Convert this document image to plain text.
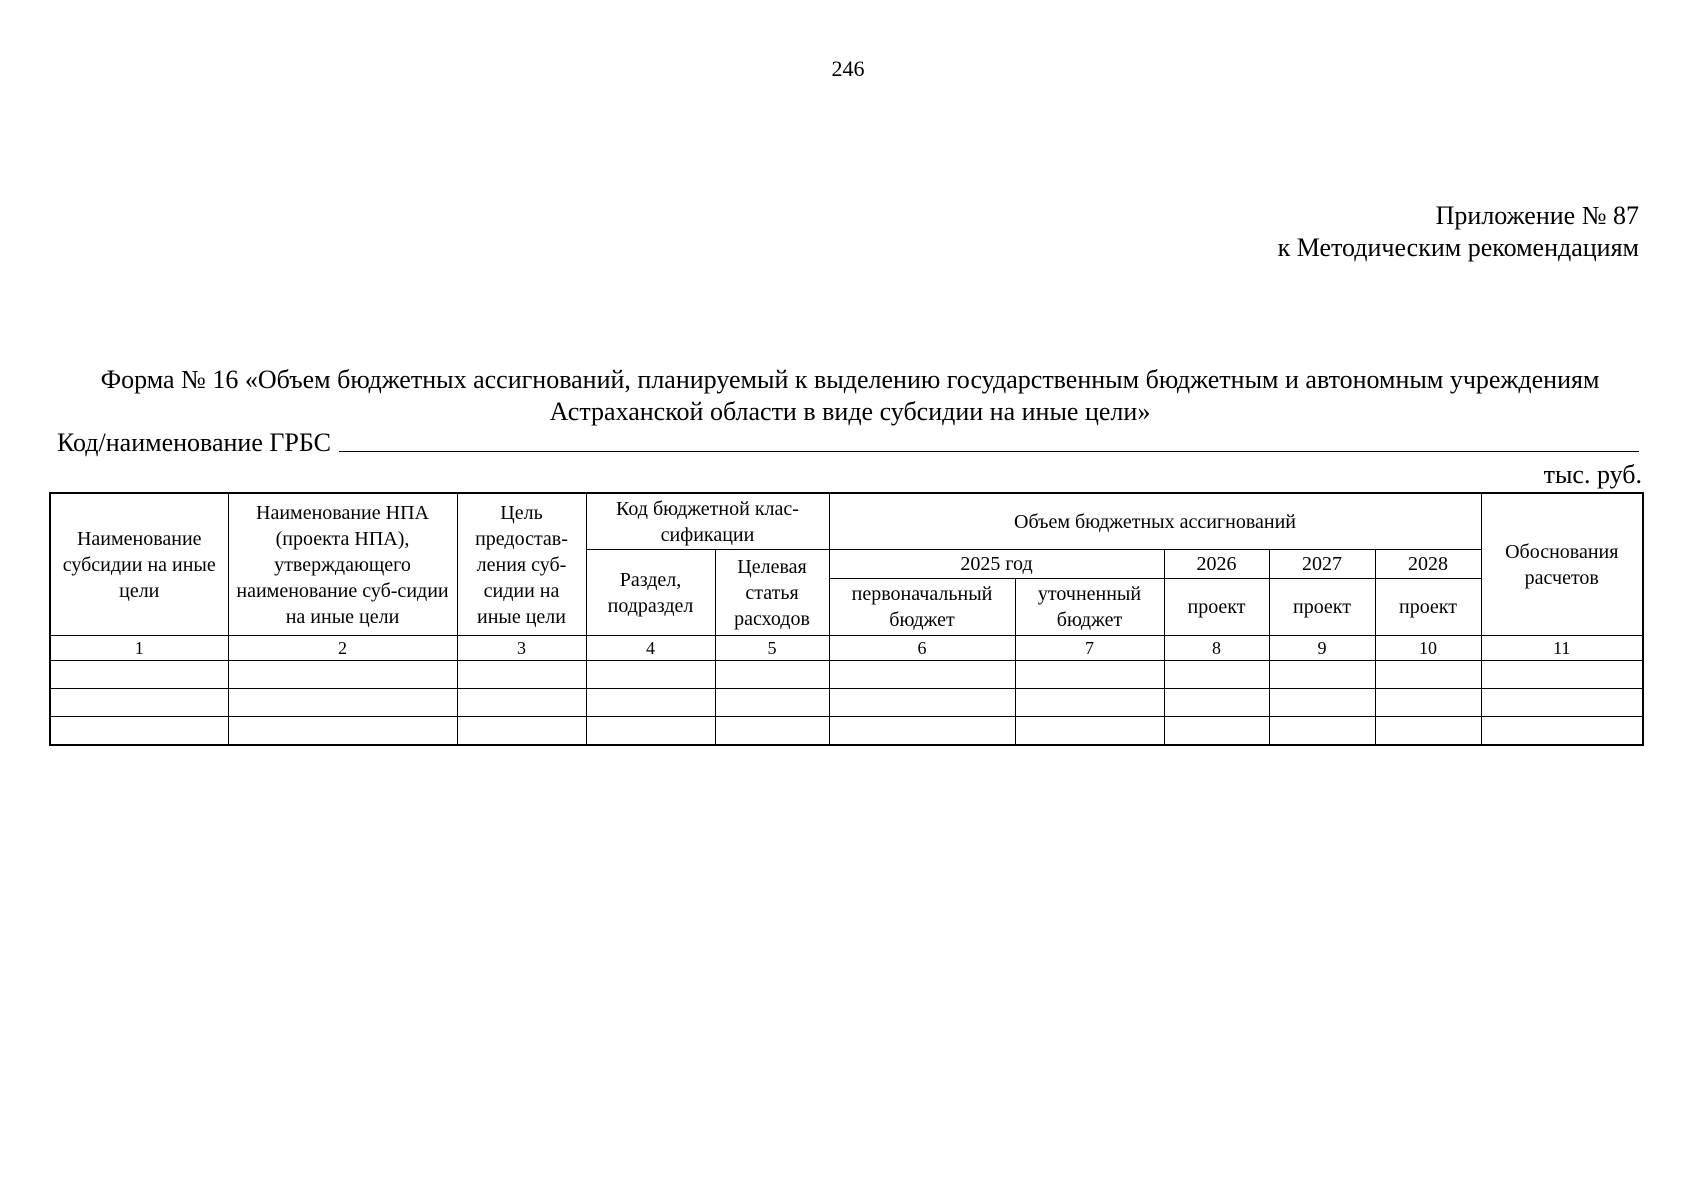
246
Приложение № 87
к Методическим рекомендациям
Форма № 16 «Объем бюджетных ассигнований, планируемый к выделению государственным бюджетным и автономным учреждениям Астраханской области в виде субсидии на иные цели»
Код/наименование ГРБС
тыс. руб.
Наименование субсидии на иные цели	Наименование НПА (проекта НПА), утверждающего наименование суб-сидии на иные цели	Цель предостав-ления суб-сидии на иные цели	Код бюджетной клас-сификации		Объем бюджетных ассигнований					Обоснования расчетов
			Раздел, подраздел	Целевая статья расходов	2025 год		2026	2027	2028	
					первоначальный бюджет	уточненный бюджет	проект	проект	проект	
1	2	3	4	5	6	7	8	9	10	11
